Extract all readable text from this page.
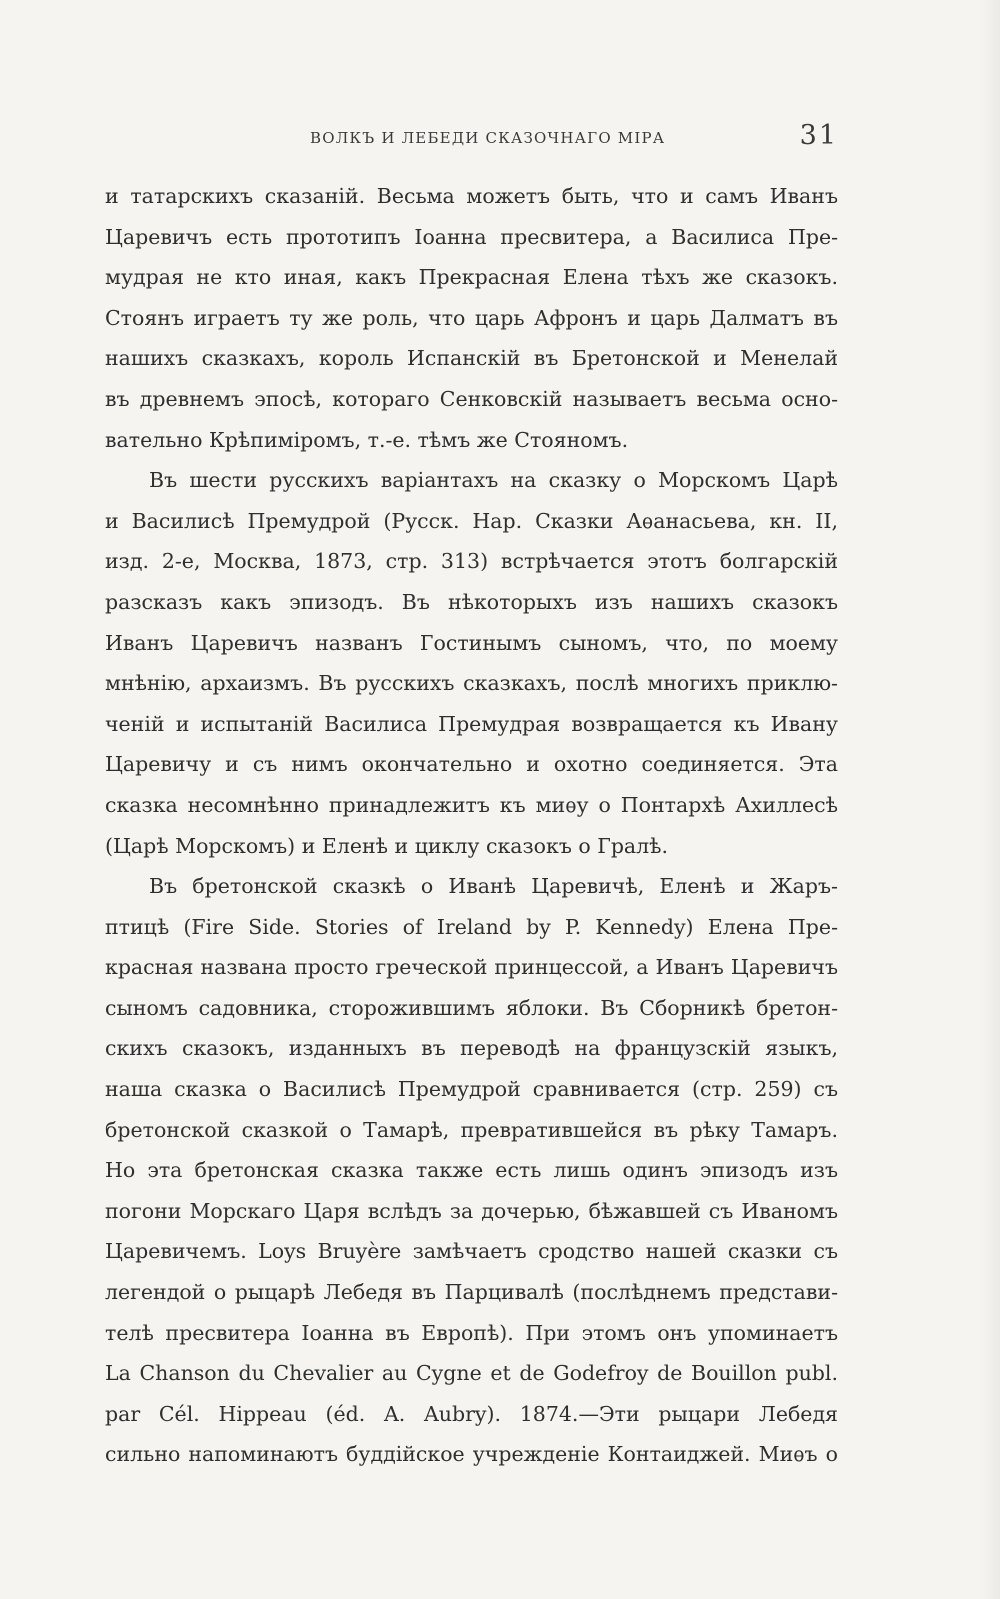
ВОЛКЪ И ЛЕБЕДИ СКАЗОЧНАГО МІРА	31
и татарскихъ сказаній. Весьма можетъ быть, что и самъ Иванъ
Царевичъ есть прототипъ Іоанна пресвитера, а Василиса Пре-
мудрая не кто иная, какъ Прекрасная Елена тѣхъ же сказокъ.
Стоянъ играетъ ту же роль, что царь Афронъ и царь Далматъ въ
нашихъ сказкахъ, король Испанскій въ Бретонской и Менелай
въ древнемъ эпосѣ, котораго Сенковскій называетъ весьма осно-
вательно Крѣпиміромъ, т.-е. тѣмъ же Стояномъ.
Въ шести русскихъ варіантахъ на сказку о Морскомъ Царѣ
и Василисѣ Премудрой (Русск. Нар. Сказки Аѳанасьева, кн. II,
изд. 2-е, Москва, 1873, стр. 313) встрѣчается этотъ болгарскій
разсказъ какъ эпизодъ. Въ нѣкоторыхъ изъ нашихъ сказокъ
Иванъ Царевичъ названъ Гостинымъ сыномъ, что, по моему
мнѣнію, архаизмъ. Въ русскихъ сказкахъ, послѣ многихъ приклю-
ченій и испытаній Василиса Премудрая возвращается къ Ивану
Царевичу и съ нимъ окончательно и охотно соединяется. Эта
сказка несомнѣнно принадлежитъ къ миѳу о Понтархѣ Ахиллесѣ
(Царѣ Морскомъ) и Еленѣ и циклу сказокъ о Гралѣ.
Въ бретонской сказкѣ о Иванѣ Царевичѣ, Еленѣ и Жаръ-
птицѣ (Fire Side. Stories of Ireland by P. Kennedy) Елена Пре-
красная названа просто греческой принцессой, а Иванъ Царевичъ
сыномъ садовника, сторожившимъ яблоки. Въ Сборникѣ бретон-
скихъ сказокъ, изданныхъ въ переводѣ на французскій языкъ,
наша сказка о Василисѣ Премудрой сравнивается (стр. 259) съ
бретонской сказкой о Тамарѣ, превратившейся въ рѣку Тамаръ.
Но эта бретонская сказка также есть лишь одинъ эпизодъ изъ
погони Морскаго Царя вслѣдъ за дочерью, бѣжавшей съ Иваномъ
Царевичемъ. Loys Bruyère замѣчаетъ сродство нашей сказки съ
легендой о рыцарѣ Лебедя въ Парцивалѣ (послѣднемъ представи-
телѣ пресвитера Іоанна въ Европѣ). При этомъ онъ упоминаетъ
La Chanson du Chevalier au Cygne et de Godefroy de Bouillon publ.
par Cél. Hippeau (éd. A. Aubry). 1874.—Эти рыцари Лебедя
сильно напоминаютъ буддійское учрежденіе Контаиджей. Миѳъ о
